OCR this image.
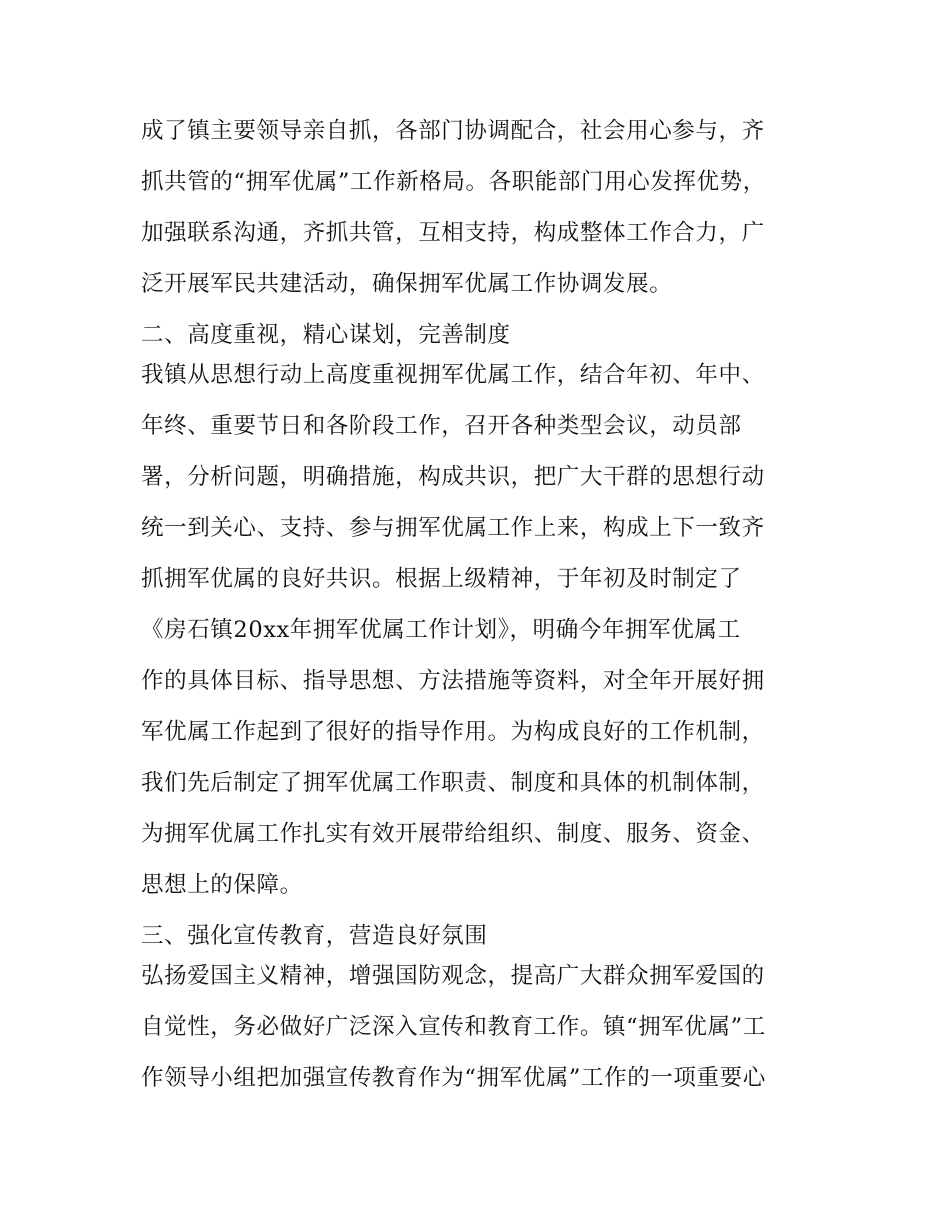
成了镇主要领导亲自抓，各部门协调配合，社会用心参与，齐
抓共管的“拥军优属”工作新格局。各职能部门用心发挥优势，
加强联系沟通，齐抓共管，互相支持，构成整体工作合力，广
泛开展军民共建活动，确保拥军优属工作协调发展。
二、高度重视，精心谋划，完善制度
我镇从思想行动上高度重视拥军优属工作，结合年初、年中、
年终、重要节日和各阶段工作，召开各种类型会议，动员部
署，分析问题，明确措施，构成共识，把广大干群的思想行动
统一到关心、支持、参与拥军优属工作上来，构成上下一致齐
抓拥军优属的良好共识。根据上级精神，于年初及时制定了
《房石镇20xx年拥军优属工作计划》，明确今年拥军优属工
作的具体目标、指导思想、方法措施等资料，对全年开展好拥
军优属工作起到了很好的指导作用。为构成良好的工作机制，
我们先后制定了拥军优属工作职责、制度和具体的机制体制，
为拥军优属工作扎实有效开展带给组织、制度、服务、资金、
思想上的保障。
三、强化宣传教育，营造良好氛围
弘扬爱国主义精神，增强国防观念，提高广大群众拥军爱国的
自觉性，务必做好广泛深入宣传和教育工作。镇“拥军优属”工
作领导小组把加强宣传教育作为“拥军优属”工作的一项重要心
